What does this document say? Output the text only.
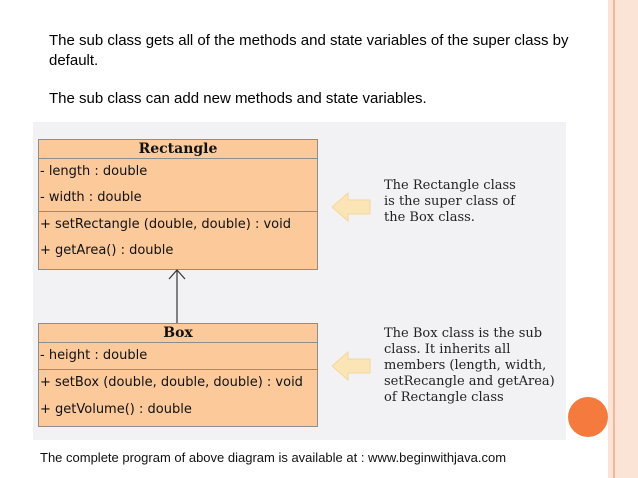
The sub class gets all of the methods and state variables of the super class by default.
The sub class can add new methods and state variables.
Rectangle
- length : double
- width : double
+ setRectangle (double, double) : void
+ getArea() : double
Box
- height : double
+ setBox (double, double, double) : void
+ getVolume() : double
The Rectangle class
is the super class of
the Box class.
The Box class is the sub
class. It inherits all
members (length, width,
setRecangle and getArea)
of Rectangle class
The complete program of above diagram is available at : www.beginwithjava.com
